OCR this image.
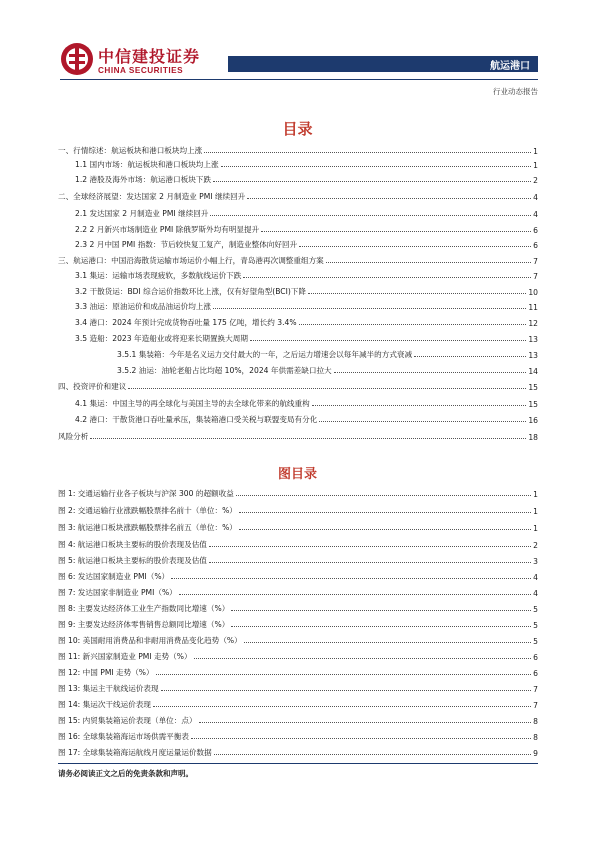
中信建投证券
CHINA SECURITIES	航运港口
行业动态报告
目录
一、行情综述：航运板块和港口板块均上涨	1
1.1 国内市场：航运板块和港口板块均上涨	1
1.2 港股及海外市场：航运港口板块下跌	2
二、全球经济展望：发达国家 2 月制造业 PMI 继续回升	4
2.1 发达国家 2 月制造业 PMI 继续回升	4
2.2 2 月新兴市场制造业 PMI 除俄罗斯外均有明显提升	6
2.3 2 月中国 PMI 指数：节后较快复工复产，制造业整体向好回升	6
三、航运港口：中国沿海散货运输市场运价小幅上行，青岛港再次调整重组方案	7
3.1 集运：运输市场表现疲软，多数航线运价下跌	7
3.2 干散货运：BDI 综合运价指数环比上涨，仅有好望角型(BCI)下降	10
3.3 油运：原油运价和成品油运价均上涨	11
3.4 港口：2024 年预计完成货物吞吐量 175 亿吨，增长约 3.4%	12
3.5 造船：2023 年造船业或将迎来长期置换大周期	13
3.5.1 集装箱：今年是名义运力交付最大的一年，之后运力增速会以每年减半的方式衰减	13
3.5.2 油运：油轮老船占比均超 10%，2024 年供需差缺口拉大	14
四、投资评价和建议	15
4.1 集运：中国主导的再全球化与美国主导的去全球化带来的航线重构	15
4.2 港口：干散货港口吞吐量承压，集装箱港口受关税与联盟变局有分化	16
风险分析	18
图目录
图 1: 交通运输行业各子板块与沪深 300 的超额收益	1
图 2: 交通运输行业涨跌幅股票排名前十（单位：%）	1
图 3: 航运港口板块涨跌幅股票排名前五（单位：%）	1
图 4: 航运港口板块主要标的股价表现及估值	2
图 5: 航运港口板块主要标的股价表现及估值	3
图 6: 发达国家制造业 PMI（%）	4
图 7: 发达国家非制造业 PMI（%）	4
图 8: 主要发达经济体工业生产指数同比增速（%）	5
图 9: 主要发达经济体零售销售总额同比增速（%）	5
图 10: 美国耐用消费品和非耐用消费品变化趋势（%）	5
图 11: 新兴国家制造业 PMI 走势（%）	6
图 12: 中国 PMI 走势（%）	6
图 13: 集运主干航线运价表现	7
图 14: 集运次干线运价表现	7
图 15: 内贸集装箱运价表现（单位：点）	8
图 16: 全球集装箱海运市场供需平衡表	8
图 17: 全球集装箱海运航线月度运量运价数据	9
请务必阅读正文之后的免责条款和声明。
